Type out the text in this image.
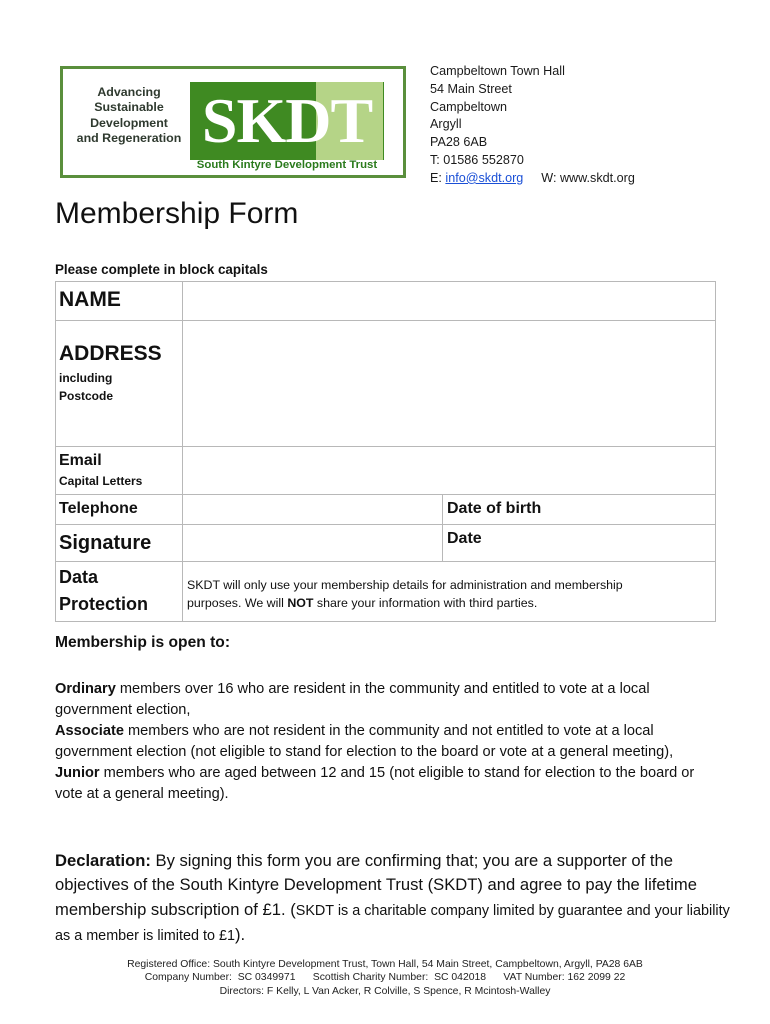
Advancing
Sustainable
Development
and Regeneration SKDT
South Kintyre Development Trust
Campbeltown Town Hall
54 Main Street
Campbeltown
Argyll
PA28 6AB
T: 01586 552870
E: info@skdt.org W: www.skdt.org
Membership Form
Please complete in block capitals
NAME
ADDRESS
including
Postcode
Email
Capital Letters
Telephone	Date of birth
Signature	Date
Data
Protection
SKDT will only use your membership details for administration and membership
purposes. We will NOT share your information with third parties.
Membership is open to:

Ordinary members over 16 who are resident in the community and entitled to vote at a local government election,

Associate members who are not resident in the community and not entitled to vote at a local government election (not eligible to stand for election to the board or vote at a general meeting),

Junior members who are aged between 12 and 15 (not eligible to stand for election to the board or vote at a general meeting).

Declaration: By signing this form you are confirming that; you are a supporter of the objectives of the South Kintyre Development Trust (SKDT) and agree to pay the lifetime membership subscription of £1. (SKDT is a charitable company limited by guarantee and your liability as a member is limited to £1).
Registered Office: South Kintyre Development Trust, Town Hall, 54 Main Street, Campbeltown, Argyll, PA28 6AB
Company Number:  SC 0349971      Scottish Charity Number:  SC 042018      VAT Number: 162 2099 22
Directors: F Kelly, L Van Acker, R Colville, S Spence, R Mcintosh-Walley
